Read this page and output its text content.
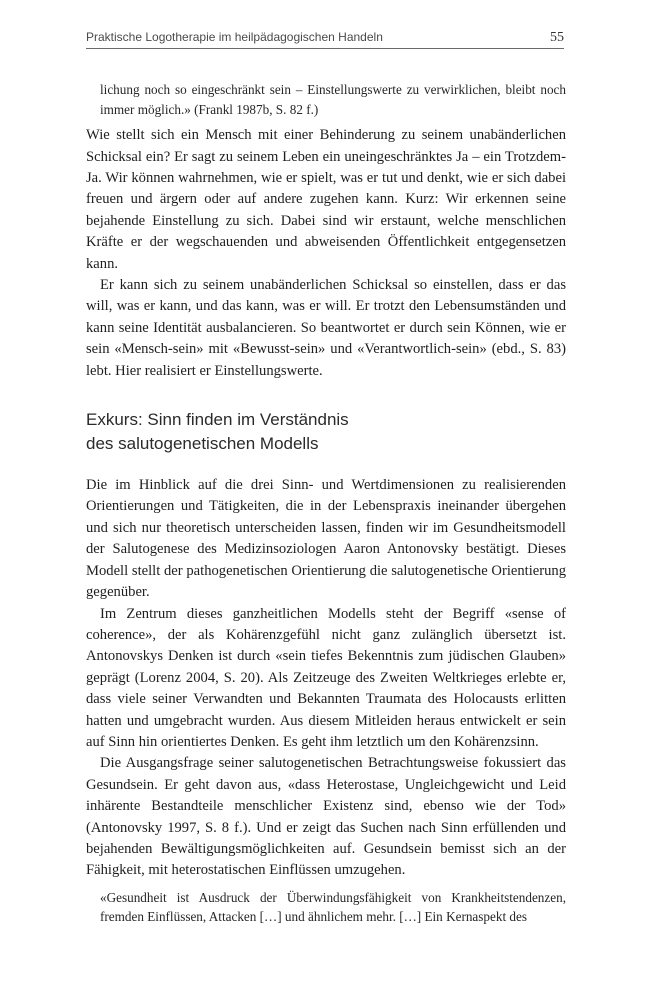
Praktische Logotherapie im heilpädagogischen Handeln	55

lichung noch so eingeschränkt sein – Einstellungswerte zu verwirklichen, bleibt noch immer möglich.» (Frankl 1987b, S. 82 f.)

Wie stellt sich ein Mensch mit einer Behinderung zu seinem unabänderlichen Schicksal ein? Er sagt zu seinem Leben ein uneingeschränktes Ja – ein Trotzdem-Ja. Wir können wahrnehmen, wie er spielt, was er tut und denkt, wie er sich dabei freuen und ärgern oder auf andere zugehen kann. Kurz: Wir erkennen seine bejahende Einstellung zu sich. Dabei sind wir erstaunt, welche menschlichen Kräfte er der wegschauenden und abweisenden Öffentlichkeit entgegensetzen kann.

Er kann sich zu seinem unabänderlichen Schicksal so einstellen, dass er das will, was er kann, und das kann, was er will. Er trotzt den Lebensumständen und kann seine Identität ausbalancieren. So beantwortet er durch sein Können, wie er sein «Mensch-sein» mit «Bewusst-sein» und «Verantwortlich-sein» (ebd., S. 83) lebt. Hier realisiert er Einstellungswerte.

Exkurs: Sinn finden im Verständnis
des salutogenetischen Modells

Die im Hinblick auf die drei Sinn- und Wertdimensionen zu realisierenden Orientierungen und Tätigkeiten, die in der Lebenspraxis ineinander übergehen und sich nur theoretisch unterscheiden lassen, finden wir im Gesundheitsmodell der Salutogenese des Medizinsoziologen Aaron Antonovsky bestätigt. Dieses Modell stellt der pathogenetischen Orientierung die salutogenetische Orientierung gegenüber.

Im Zentrum dieses ganzheitlichen Modells steht der Begriff «sense of coherence», der als Kohärenzgefühl nicht ganz zulänglich übersetzt ist. Antonovskys Denken ist durch «sein tiefes Bekenntnis zum jüdischen Glauben» geprägt (Lorenz 2004, S. 20). Als Zeitzeuge des Zweiten Weltkrieges erlebte er, dass viele seiner Verwandten und Bekannten Traumata des Holocausts erlitten hatten und umgebracht wurden. Aus diesem Mitleiden heraus entwickelt er sein auf Sinn hin orientiertes Denken. Es geht ihm letztlich um den Kohärenzsinn.

Die Ausgangsfrage seiner salutogenetischen Betrachtungsweise fokussiert das Gesundsein. Er geht davon aus, «dass Heterostase, Ungleichgewicht und Leid inhärente Bestandteile menschlicher Existenz sind, ebenso wie der Tod» (Antonovsky 1997, S. 8 f.). Und er zeigt das Suchen nach Sinn erfüllenden und bejahenden Bewältigungsmöglichkeiten auf. Gesundsein bemisst sich an der Fähigkeit, mit heterostatischen Einflüssen umzugehen.

«Gesundheit ist Ausdruck der Überwindungsfähigkeit von Krankheitstendenzen, fremden Einflüssen, Attacken […] und ähnlichem mehr. […] Ein Kernaspekt des
